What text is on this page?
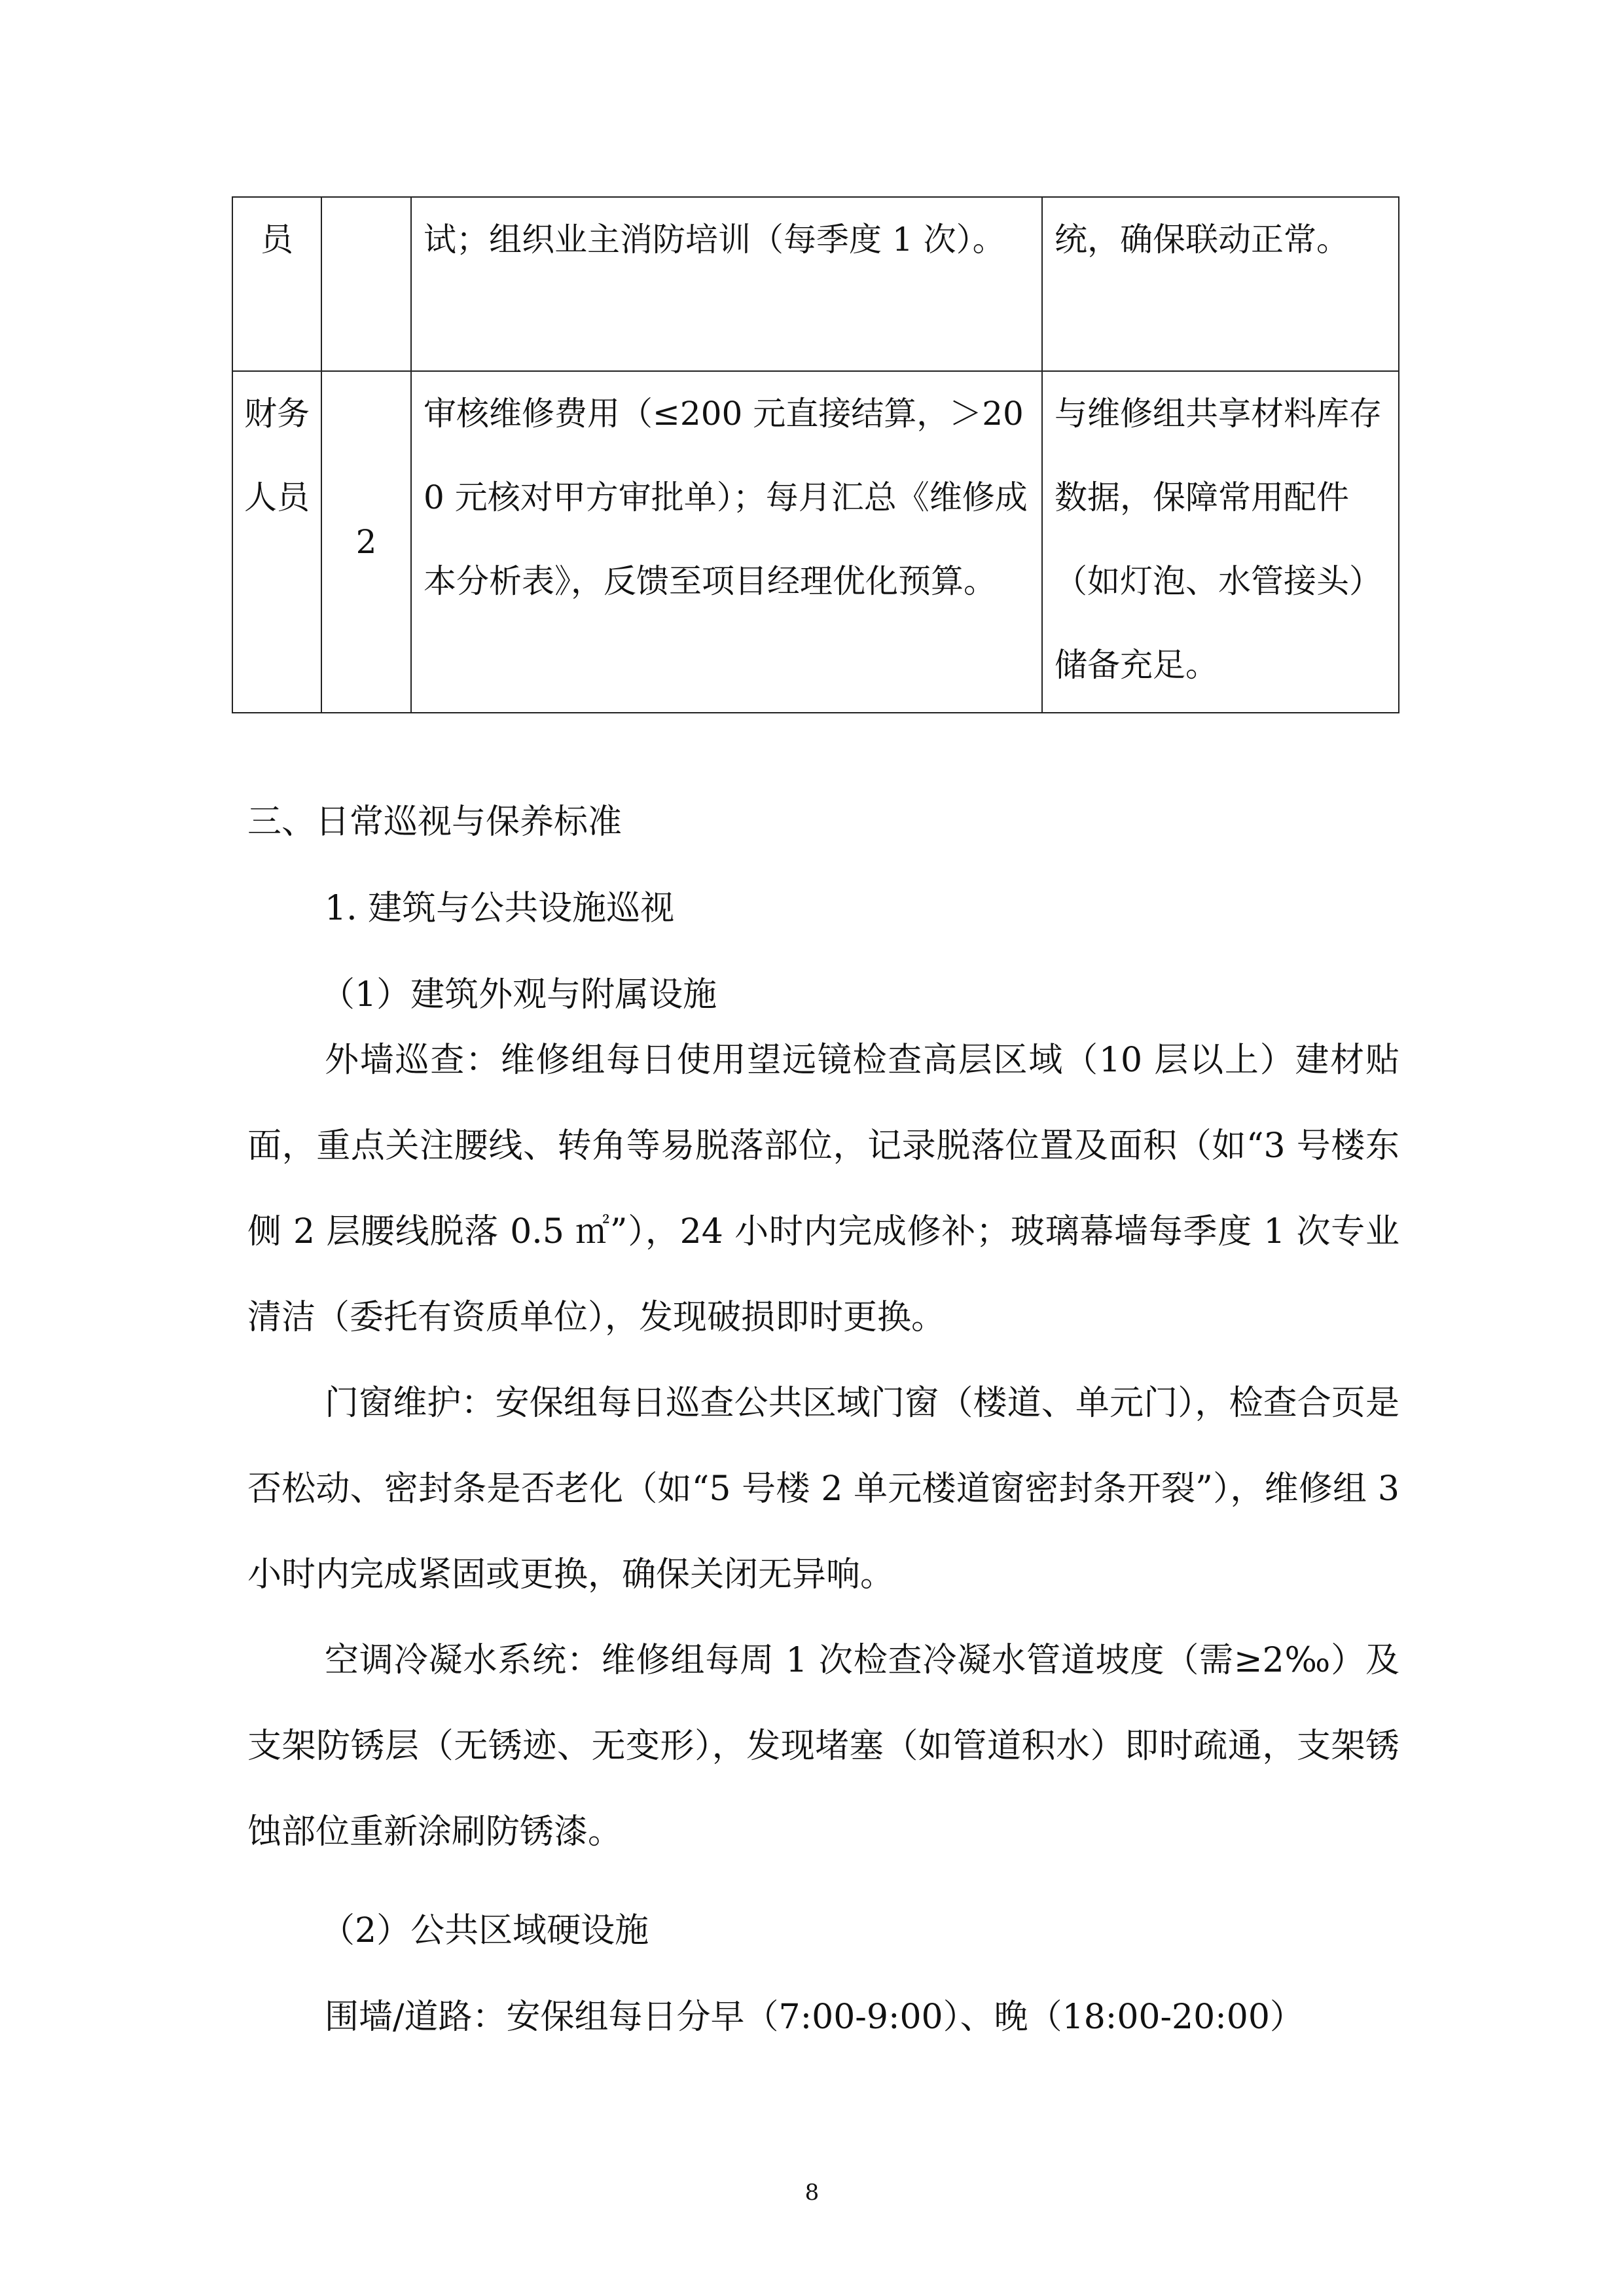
员		试；组织业主消防培训（每季度 1 次）。	统，确保联动正常。
财务人员	2	审核维修费用（≤200 元直接结算，＞200 元核对甲方审批单）；每月汇总《维修成本分析表》，反馈至项目经理优化预算。	与维修组共享材料库存数据，保障常用配件（如灯泡、水管接头）储备充足。
三、日常巡视与保养标准
1. 建筑与公共设施巡视
（1）建筑外观与附属设施

外墙巡查：维修组每日使用望远镜检查高层区域（10 层以上）建材贴面，重点关注腰线、转角等易脱落部位，记录脱落位置及面积（如“3 号楼东侧 2 层腰线脱落 0.5 ㎡”），24 小时内完成修补；玻璃幕墙每季度 1 次专业清洁（委托有资质单位），发现破损即时更换。

门窗维护：安保组每日巡查公共区域门窗（楼道、单元门），检查合页是否松动、密封条是否老化（如“5 号楼 2 单元楼道窗密封条开裂”），维修组 3 小时内完成紧固或更换，确保关闭无异响。

空调冷凝水系统：维修组每周 1 次检查冷凝水管道坡度（需≥2‰）及支架防锈层（无锈迹、无变形），发现堵塞（如管道积水）即时疏通，支架锈蚀部位重新涂刷防锈漆。

（2）公共区域硬设施
围墙/道路：安保组每日分早（7:00-9:00）、晚（18:00-20:00）
8
